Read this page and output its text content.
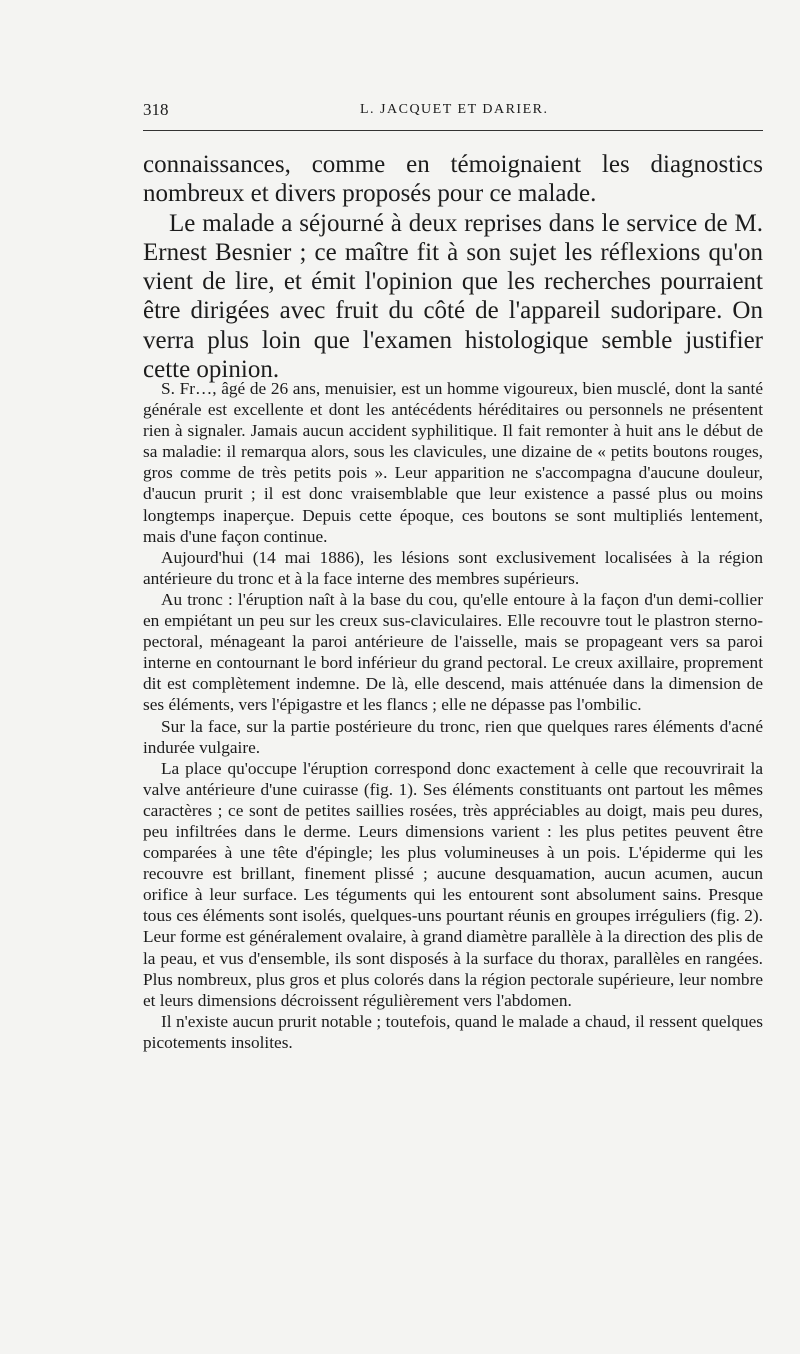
318	L. JACQUET ET DARIER.

connaissances, comme en témoignaient les diagnostics nombreux et divers proposés pour ce malade.

Le malade a séjourné à deux reprises dans le service de M. Ernest Besnier ; ce maître fit à son sujet les réflexions qu'on vient de lire, et émit l'opinion que les recherches pourraient être dirigées avec fruit du côté de l'appareil sudoripare. On verra plus loin que l'examen histologique semble justifier cette opinion.

S. Fr…, âgé de 26 ans, menuisier, est un homme vigoureux, bien musclé, dont la santé générale est excellente et dont les antécédents héréditaires ou personnels ne présentent rien à signaler. Jamais aucun accident syphilitique. Il fait remonter à huit ans le début de sa maladie: il remarqua alors, sous les clavicules, une dizaine de « petits boutons rouges, gros comme de très petits pois ». Leur apparition ne s'accompagna d'aucune douleur, d'aucun prurit ; il est donc vraisemblable que leur existence a passé plus ou moins longtemps inaperçue. Depuis cette époque, ces boutons se sont multipliés lentement, mais d'une façon continue.

Aujourd'hui (14 mai 1886), les lésions sont exclusivement localisées à la région antérieure du tronc et à la face interne des membres supérieurs.

Au tronc : l'éruption naît à la base du cou, qu'elle entoure à la façon d'un demi-collier en empiétant un peu sur les creux sus-claviculaires. Elle recouvre tout le plastron sterno-pectoral, ménageant la paroi antérieure de l'aisselle, mais se propageant vers sa paroi interne en contournant le bord inférieur du grand pectoral. Le creux axillaire, proprement dit est complètement indemne. De là, elle descend, mais atténuée dans la dimension de ses éléments, vers l'épigastre et les flancs ; elle ne dépasse pas l'ombilic.

Sur la face, sur la partie postérieure du tronc, rien que quelques rares éléments d'acné indurée vulgaire.

La place qu'occupe l'éruption correspond donc exactement à celle que recouvrirait la valve antérieure d'une cuirasse (fig. 1). Ses éléments constituants ont partout les mêmes caractères ; ce sont de petites saillies rosées, très appréciables au doigt, mais peu dures, peu infiltrées dans le derme. Leurs dimensions varient : les plus petites peuvent être comparées à une tête d'épingle; les plus volumineuses à un pois. L'épiderme qui les recouvre est brillant, finement plissé ; aucune desquamation, aucun acumen, aucun orifice à leur surface. Les téguments qui les entourent sont absolument sains. Presque tous ces éléments sont isolés, quelques-uns pourtant réunis en groupes irréguliers (fig. 2). Leur forme est généralement ovalaire, à grand diamètre parallèle à la direction des plis de la peau, et vus d'ensemble, ils sont disposés à la surface du thorax, parallèles en rangées. Plus nombreux, plus gros et plus colorés dans la région pectorale supérieure, leur nombre et leurs dimensions décroissent régulièrement vers l'abdomen.

Il n'existe aucun prurit notable ; toutefois, quand le malade a chaud, il ressent quelques picotements insolites.
